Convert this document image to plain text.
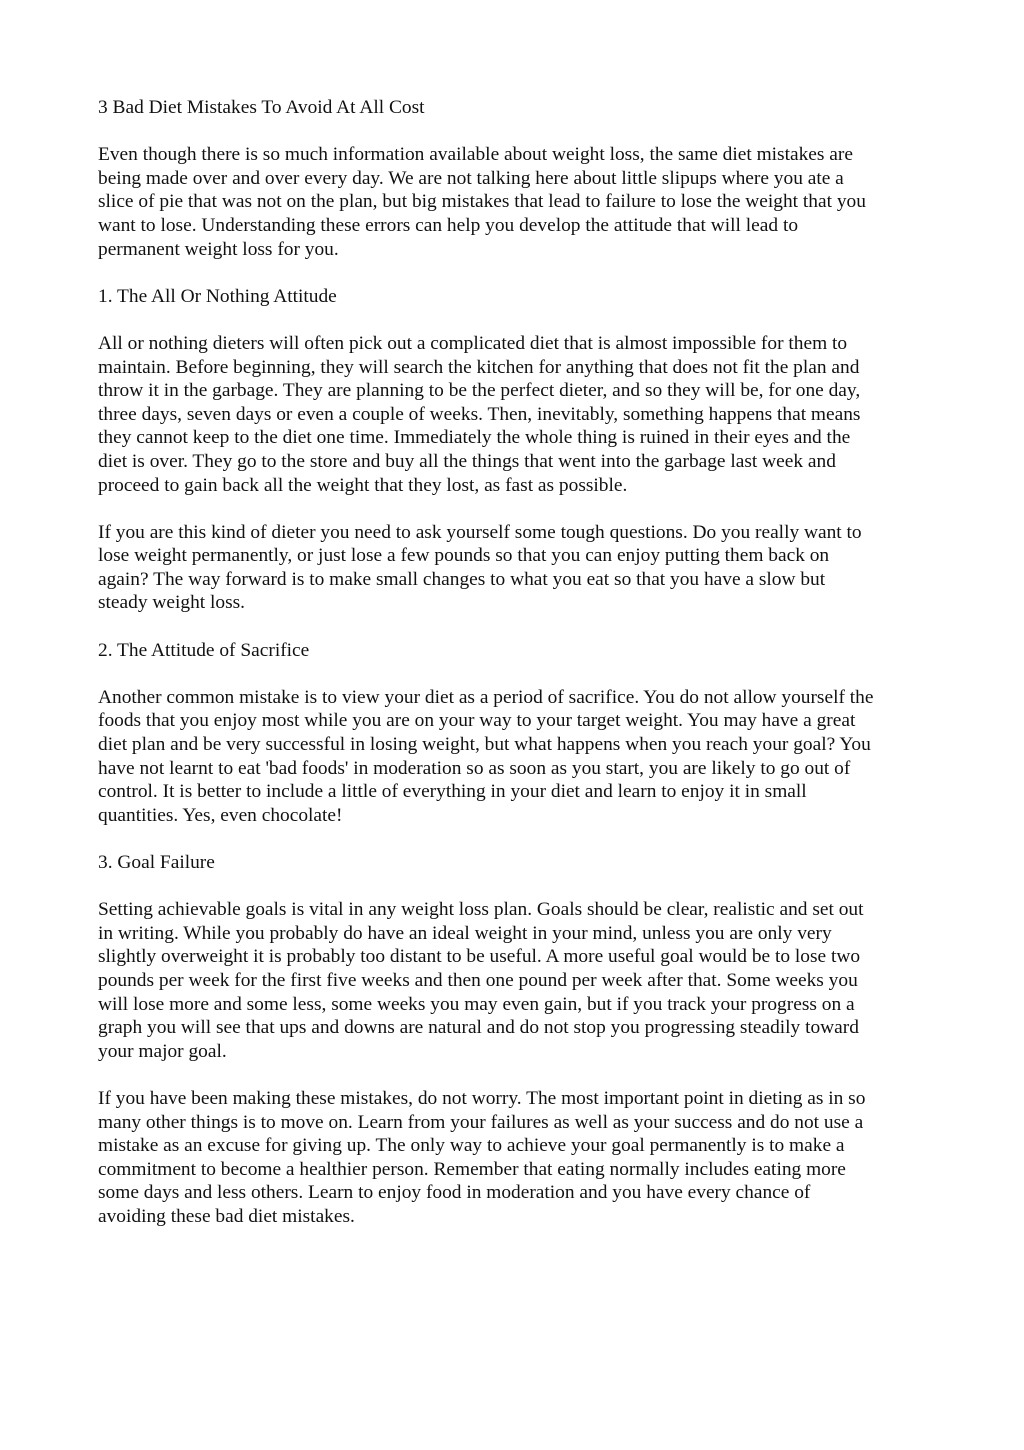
3 Bad Diet Mistakes To Avoid At All Cost

Even though there is so much information available about weight loss, the same diet mistakes are
being made over and over every day. We are not talking here about little slipups where you ate a
slice of pie that was not on the plan, but big mistakes that lead to failure to lose the weight that you
want to lose. Understanding these errors can help you develop the attitude that will lead to
permanent weight loss for you.

1. The All Or Nothing Attitude

All or nothing dieters will often pick out a complicated diet that is almost impossible for them to
maintain. Before beginning, they will search the kitchen for anything that does not fit the plan and
throw it in the garbage. They are planning to be the perfect dieter, and so they will be, for one day,
three days, seven days or even a couple of weeks. Then, inevitably, something happens that means
they cannot keep to the diet one time. Immediately the whole thing is ruined in their eyes and the
diet is over. They go to the store and buy all the things that went into the garbage last week and
proceed to gain back all the weight that they lost, as fast as possible.

If you are this kind of dieter you need to ask yourself some tough questions. Do you really want to
lose weight permanently, or just lose a few pounds so that you can enjoy putting them back on
again? The way forward is to make small changes to what you eat so that you have a slow but
steady weight loss.

2. The Attitude of Sacrifice

Another common mistake is to view your diet as a period of sacrifice. You do not allow yourself the
foods that you enjoy most while you are on your way to your target weight. You may have a great
diet plan and be very successful in losing weight, but what happens when you reach your goal? You
have not learnt to eat 'bad foods' in moderation so as soon as you start, you are likely to go out of
control. It is better to include a little of everything in your diet and learn to enjoy it in small
quantities. Yes, even chocolate!

3. Goal Failure

Setting achievable goals is vital in any weight loss plan. Goals should be clear, realistic and set out
in writing. While you probably do have an ideal weight in your mind, unless you are only very
slightly overweight it is probably too distant to be useful. A more useful goal would be to lose two
pounds per week for the first five weeks and then one pound per week after that. Some weeks you
will lose more and some less, some weeks you may even gain, but if you track your progress on a
graph you will see that ups and downs are natural and do not stop you progressing steadily toward
your major goal.

If you have been making these mistakes, do not worry. The most important point in dieting as in so
many other things is to move on. Learn from your failures as well as your success and do not use a
mistake as an excuse for giving up. The only way to achieve your goal permanently is to make a
commitment to become a healthier person. Remember that eating normally includes eating more
some days and less others. Learn to enjoy food in moderation and you have every chance of
avoiding these bad diet mistakes.
